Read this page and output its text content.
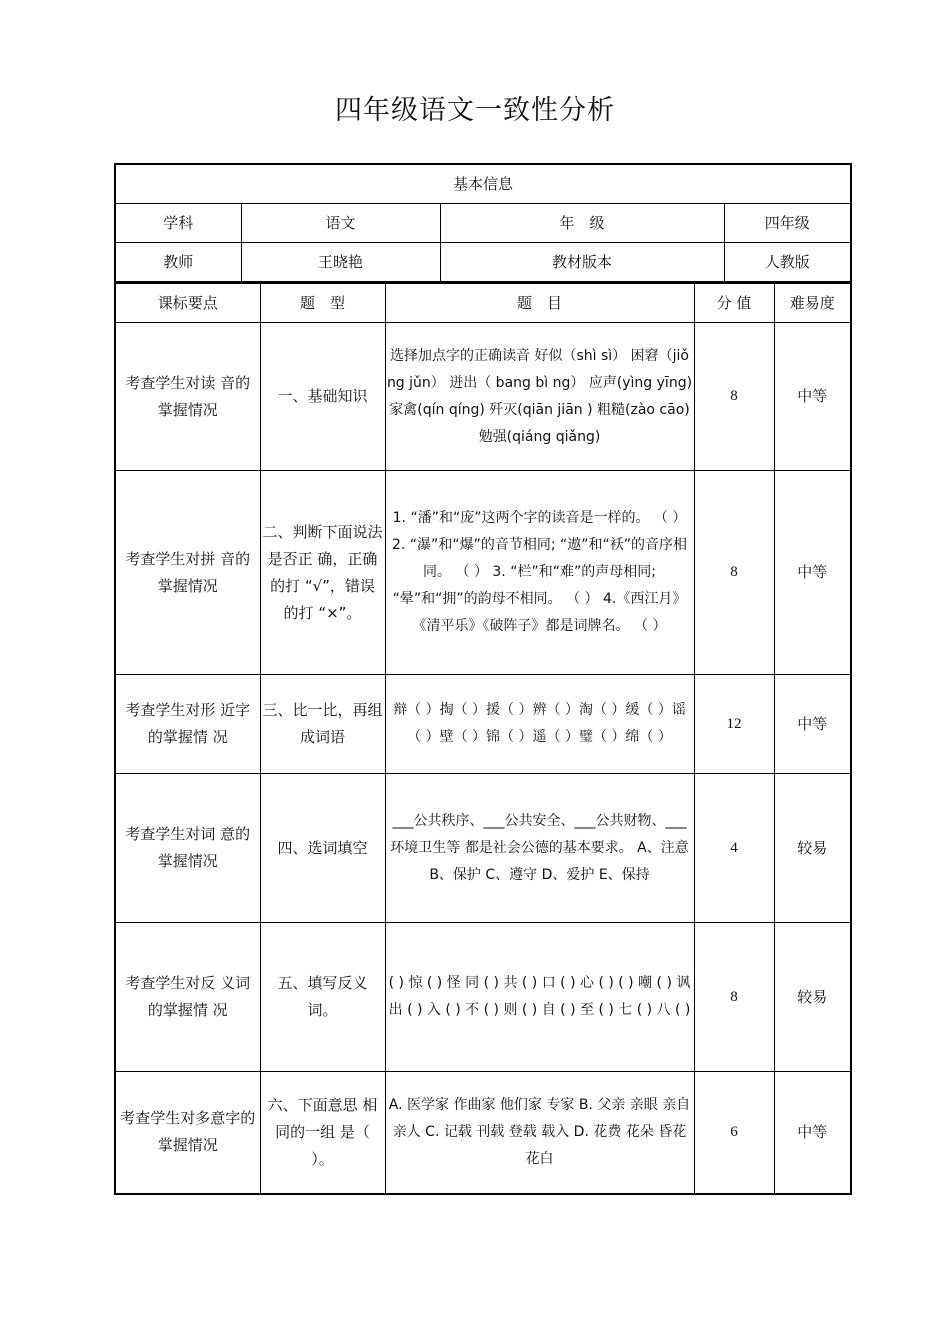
四年级语文一致性分析
基本信息			
学科	语文	年　级	四年级
教师	王晓艳	教材版本	人教版
课标要点	题　型	题　目	分 值	难易度
考查学生对读 音的掌握情况	一、基础知识	选择加点字的正确读音 好似（shì sì） 困窘（jiǒng jǔn） 迸出（ bang bì ng） 应声(yìng yīng) 家禽(qín qíng) 歼灭(qiān jiān ) 粗糙(zào cāo) 勉强(qiáng qiǎng)	8	中等
考查学生对拼 音的掌握情况	二、判断下面说法是否正 确，正确的打 “√”，错误 的打 “×”。	1. “潘”和“庞”这两个字的读音是一样的。 （ ）2. “瀑”和“爆”的音节相同; “遨”和“袄”的音序相 同。 （ ） 3. “栏”和“难”的声母相同; “晕”和“拥”的韵母不相同。 （ ） 4.《西江月》《清平乐》《破阵子》都是词牌名。 （ ）	8	中等
考查学生对形 近字的掌握情 况	三、比一比，再组成词语	辩（ ）掏（ ）援（ ）辨（ ）淘（ ）缓（ ）谣（ ）壁（ ）锦（ ）遥（ ）璧（ ）绵（ ）	12	中等
考查学生对词 意的掌握情况	四、选词填空	___公共秩序、___公共安全、___公共财物、___环境卫生等 都是社会公德的基本要求。 A、注意 B、保护 C、遵守 D、爱护 E、保持	4	较易
考查学生对反 义词的掌握情 况	五、填写反义 词。	( ) 惊 ( ) 怪 同 ( ) 共 ( ) 口 ( ) 心 ( ) ( ) 嘲 ( ) 讽 出 ( ) 入 ( ) 不 ( ) 则 ( ) 自 ( ) 至 ( ) 七 ( ) 八 ( )	8	较易
考查学生对多意字的掌握情况	六、下面意思 相同的一组 是（ ）。	A. 医学家 作曲家 他们家 专家 B. 父亲 亲眼 亲自 亲人 C. 记载 刊载 登载 载入 D. 花费 花朵 昏花 花白	6	中等
